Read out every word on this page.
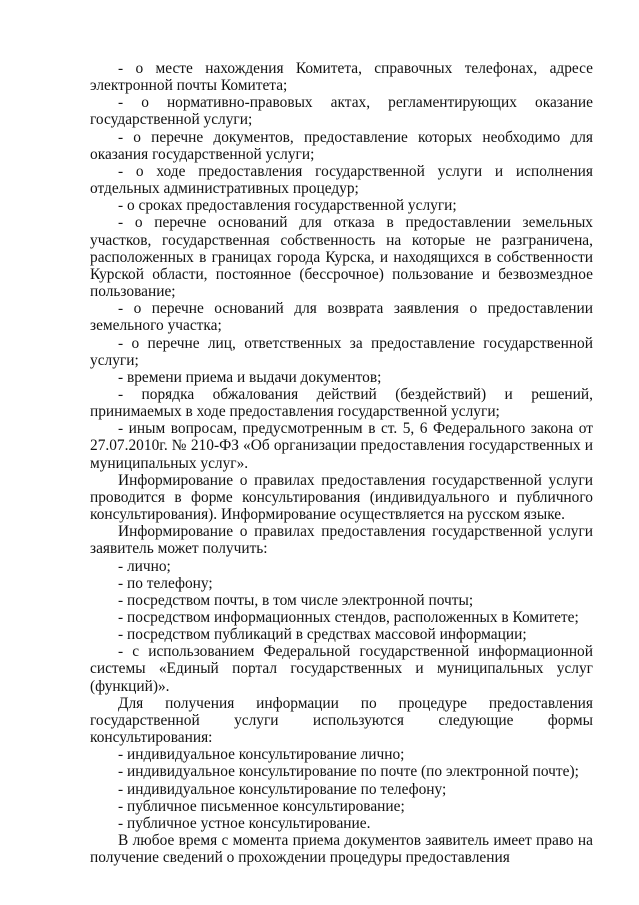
- о месте нахождения Комитета, справочных телефонах, адресе электронной почты Комитета;

- о нормативно-правовых актах, регламентирующих оказание государственной услуги;

- о перечне документов, предоставление которых необходимо для оказания государственной услуги;

- о ходе предоставления государственной услуги и исполнения отдельных административных процедур;

- о сроках предоставления государственной услуги;

- о перечне оснований для отказа в предоставлении земельных участков, государственная собственность на которые не разграничена, расположенных в границах города Курска, и находящихся в собственности Курской области, постоянное (бессрочное) пользование и безвозмездное пользование;

- о перечне оснований для возврата заявления о предоставлении земельного участка;

- о перечне лиц, ответственных за предоставление государственной услуги;

- времени приема и выдачи документов;

- порядка обжалования действий (бездействий) и решений, принимаемых в ходе предоставления государственной услуги;

- иным вопросам, предусмотренным в ст. 5, 6 Федерального закона от 27.07.2010г. № 210-ФЗ «Об организации предоставления государственных и муниципальных услуг».

Информирование о правилах предоставления государственной услуги проводится в форме консультирования (индивидуального и публичного консультирования). Информирование осуществляется на русском языке.

Информирование о правилах предоставления государственной услуги заявитель может получить:

- лично;

- по телефону;

- посредством почты, в том числе электронной почты;

- посредством информационных стендов, расположенных в Комитете;

- посредством публикаций в средствах массовой информации;

- с использованием Федеральной государственной информационной системы «Единый портал государственных и муниципальных услуг (функций)».

Для получения информации по процедуре предоставления государственной услуги используются следующие формы консультирования:

- индивидуальное консультирование лично;

- индивидуальное консультирование по почте (по электронной почте);

- индивидуальное консультирование по телефону;

- публичное письменное консультирование;

- публичное устное консультирование.

В любое время с момента приема документов заявитель имеет право на получение сведений о прохождении процедуры предоставления
